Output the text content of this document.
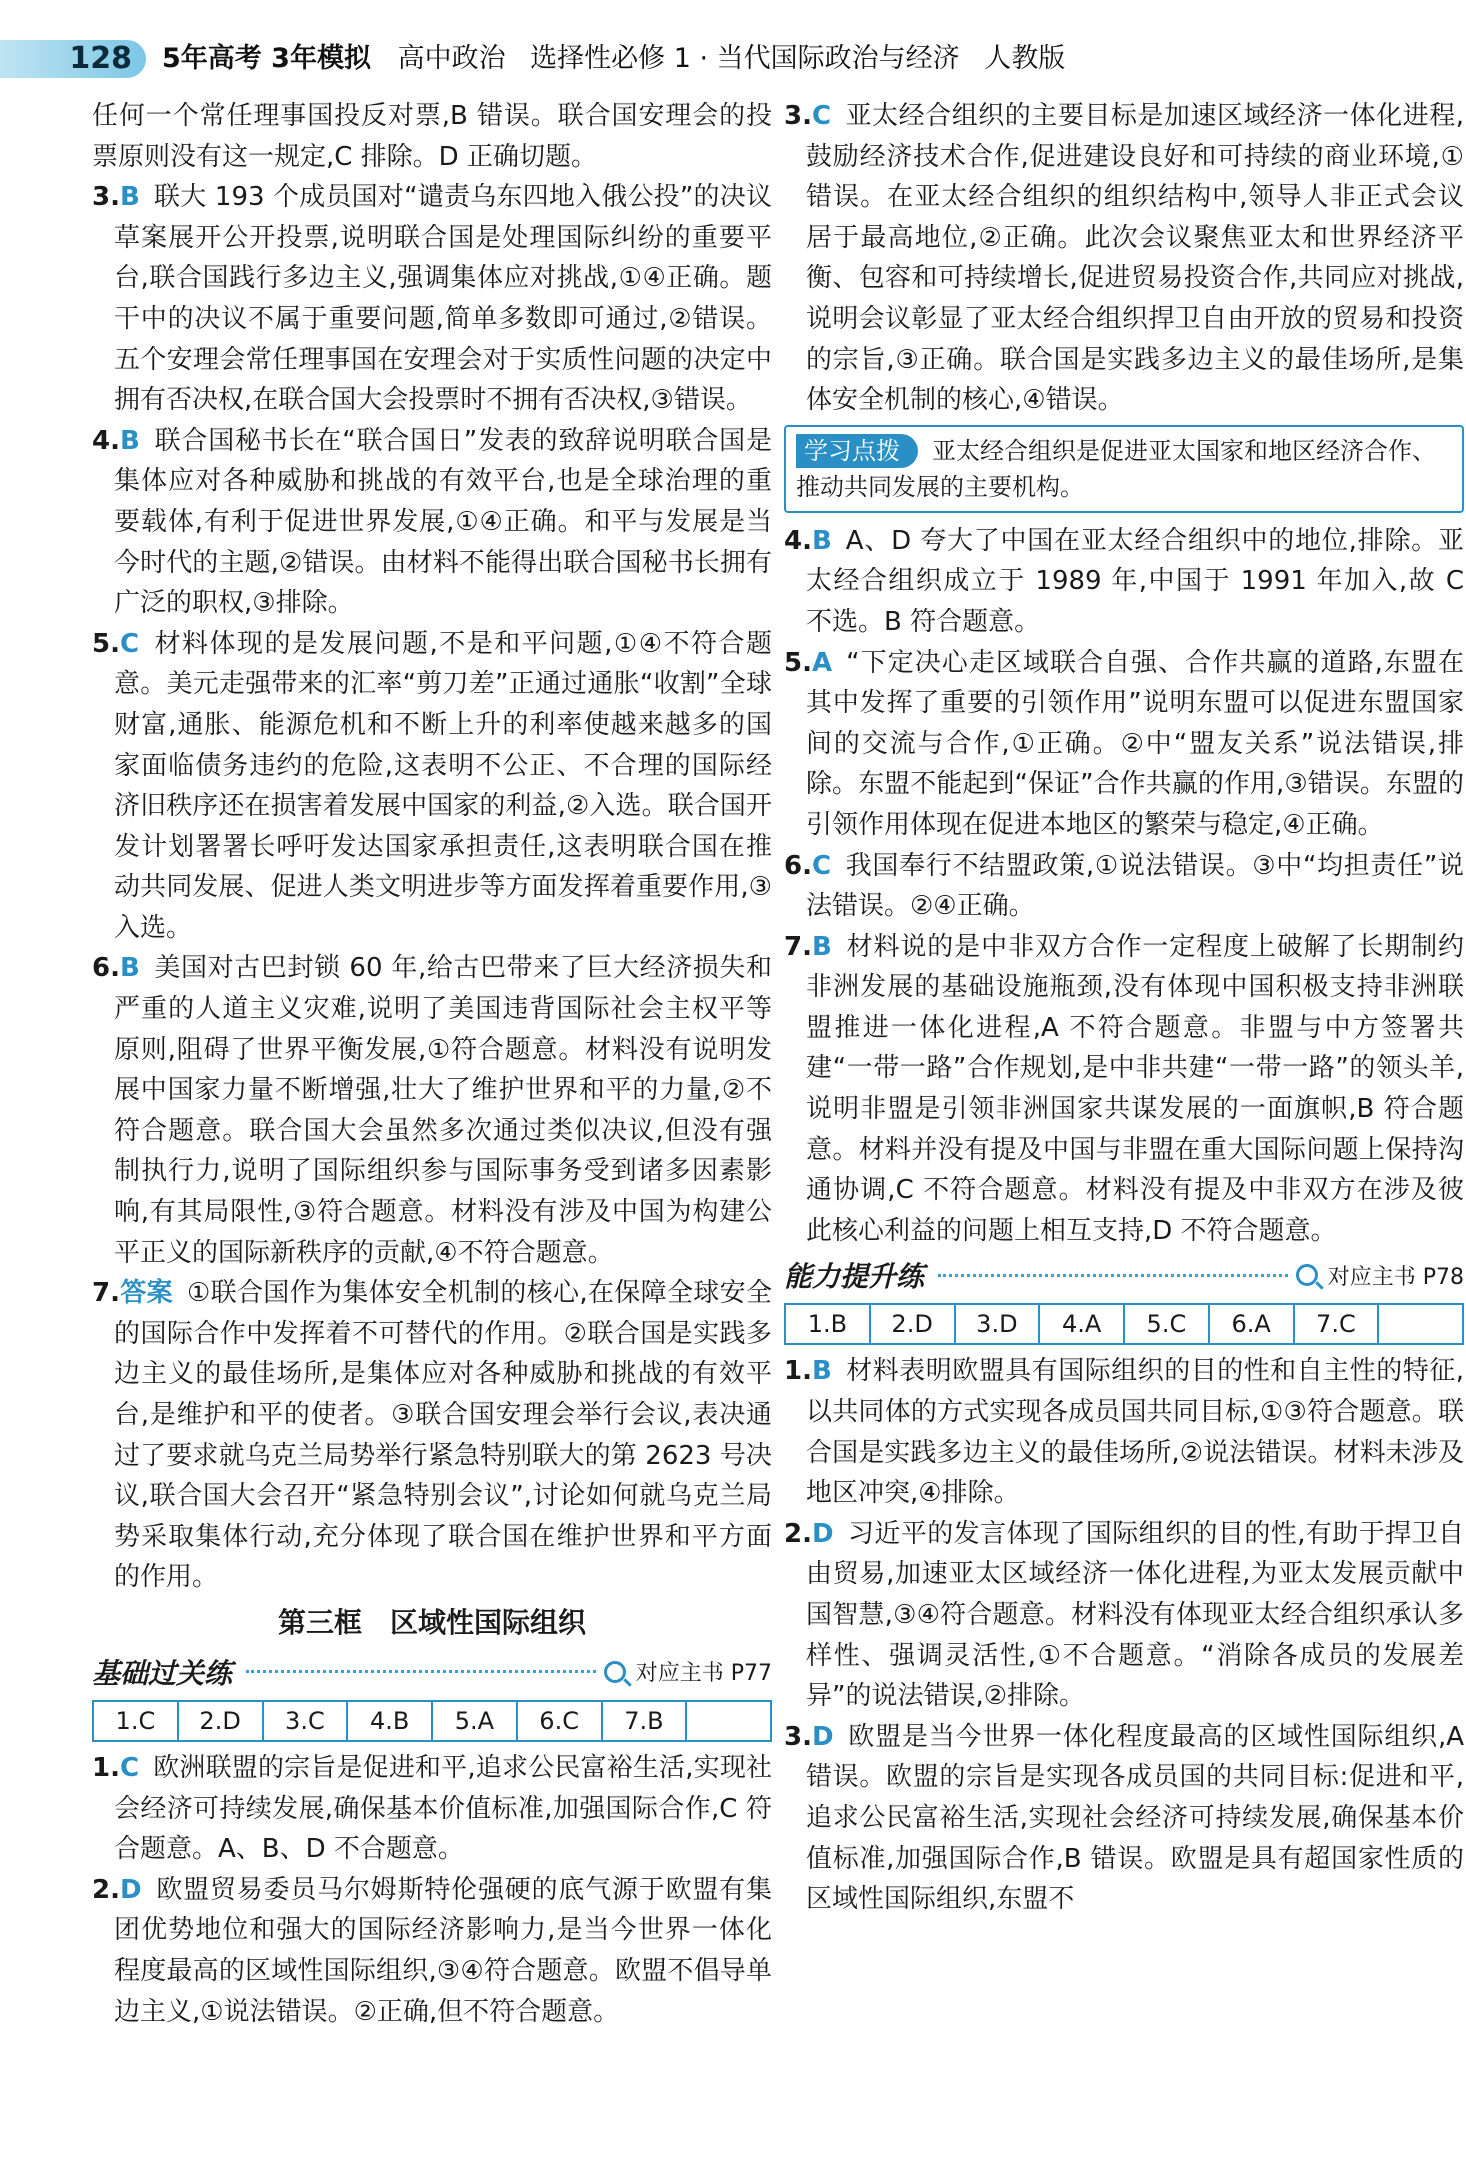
128	5年高考 3年模拟 高中政治 选择性必修 1 · 当代国际政治与经济 人教版
任何一个常任理事国投反对票,B 错误。联合国安理会的投票原则没有这一规定,C 排除。D 正确切题。
3.B 联大 193 个成员国对“谴责乌东四地入俄公投”的决议草案展开公开投票,说明联合国是处理国际纠纷的重要平台,联合国践行多边主义,强调集体应对挑战,①④正确。题干中的决议不属于重要问题,简单多数即可通过,②错误。五个安理会常任理事国在安理会对于实质性问题的决定中拥有否决权,在联合国大会投票时不拥有否决权,③错误。
4.B 联合国秘书长在“联合国日”发表的致辞说明联合国是集体应对各种威胁和挑战的有效平台,也是全球治理的重要载体,有利于促进世界发展,①④正确。和平与发展是当今时代的主题,②错误。由材料不能得出联合国秘书长拥有广泛的职权,③排除。
5.C 材料体现的是发展问题,不是和平问题,①④不符合题意。美元走强带来的汇率“剪刀差”正通过通胀“收割”全球财富,通胀、能源危机和不断上升的利率使越来越多的国家面临债务违约的危险,这表明不公正、不合理的国际经济旧秩序还在损害着发展中国家的利益,②入选。联合国开发计划署署长呼吁发达国家承担责任,这表明联合国在推动共同发展、促进人类文明进步等方面发挥着重要作用,③入选。
6.B 美国对古巴封锁 60 年,给古巴带来了巨大经济损失和严重的人道主义灾难,说明了美国违背国际社会主权平等原则,阻碍了世界平衡发展,①符合题意。材料没有说明发展中国家力量不断增强,壮大了维护世界和平的力量,②不符合题意。联合国大会虽然多次通过类似决议,但没有强制执行力,说明了国际组织参与国际事务受到诸多因素影响,有其局限性,③符合题意。材料没有涉及中国为构建公平正义的国际新秩序的贡献,④不符合题意。
7.答案 ①联合国作为集体安全机制的核心,在保障全球安全的国际合作中发挥着不可替代的作用。②联合国是实践多边主义的最佳场所,是集体应对各种威胁和挑战的有效平台,是维护和平的使者。③联合国安理会举行会议,表决通过了要求就乌克兰局势举行紧急特别联大的第 2623 号决议,联合国大会召开“紧急特别会议”,讨论如何就乌克兰局势采取集体行动,充分体现了联合国在维护世界和平方面的作用。
第三框　区域性国际组织
基础过关练	对应主书 P77
1.C	2.D	3.C	4.B	5.A	6.C	7.B
1.C 欧洲联盟的宗旨是促进和平,追求公民富裕生活,实现社会经济可持续发展,确保基本价值标准,加强国际合作,C 符合题意。A、B、D 不合题意。
2.D 欧盟贸易委员马尔姆斯特伦强硬的底气源于欧盟有集团优势地位和强大的国际经济影响力,是当今世界一体化程度最高的区域性国际组织,③④符合题意。欧盟不倡导单边主义,①说法错误。②正确,但不符合题意。
3.C 亚太经合组织的主要目标是加速区域经济一体化进程,鼓励经济技术合作,促进建设良好和可持续的商业环境,①错误。在亚太经合组织的组织结构中,领导人非正式会议居于最高地位,②正确。此次会议聚焦亚太和世界经济平衡、包容和可持续增长,促进贸易投资合作,共同应对挑战,说明会议彰显了亚太经合组织捍卫自由开放的贸易和投资的宗旨,③正确。联合国是实践多边主义的最佳场所,是集体安全机制的核心,④错误。
学习点拨 亚太经合组织是促进亚太国家和地区经济合作、推动共同发展的主要机构。
4.B A、D 夸大了中国在亚太经合组织中的地位,排除。亚太经合组织成立于 1989 年,中国于 1991 年加入,故 C 不选。B 符合题意。
5.A “下定决心走区域联合自强、合作共赢的道路,东盟在其中发挥了重要的引领作用”说明东盟可以促进东盟国家间的交流与合作,①正确。②中“盟友关系”说法错误,排除。东盟不能起到“保证”合作共赢的作用,③错误。东盟的引领作用体现在促进本地区的繁荣与稳定,④正确。
6.C 我国奉行不结盟政策,①说法错误。③中“均担责任”说法错误。②④正确。
7.B 材料说的是中非双方合作一定程度上破解了长期制约非洲发展的基础设施瓶颈,没有体现中国积极支持非洲联盟推进一体化进程,A 不符合题意。非盟与中方签署共建“一带一路”合作规划,是中非共建“一带一路”的领头羊,说明非盟是引领非洲国家共谋发展的一面旗帜,B 符合题意。材料并没有提及中国与非盟在重大国际问题上保持沟通协调,C 不符合题意。材料没有提及中非双方在涉及彼此核心利益的问题上相互支持,D 不符合题意。
能力提升练	对应主书 P78
1.B	2.D	3.D	4.A	5.C	6.A	7.C
1.B 材料表明欧盟具有国际组织的目的性和自主性的特征,以共同体的方式实现各成员国共同目标,①③符合题意。联合国是实践多边主义的最佳场所,②说法错误。材料未涉及地区冲突,④排除。
2.D 习近平的发言体现了国际组织的目的性,有助于捍卫自由贸易,加速亚太区域经济一体化进程,为亚太发展贡献中国智慧,③④符合题意。材料没有体现亚太经合组织承认多样性、强调灵活性,①不合题意。“消除各成员的发展差异”的说法错误,②排除。
3.D 欧盟是当今世界一体化程度最高的区域性国际组织,A 错误。欧盟的宗旨是实现各成员国的共同目标:促进和平,追求公民富裕生活,实现社会经济可持续发展,确保基本价值标准,加强国际合作,B 错误。欧盟是具有超国家性质的区域性国际组织,东盟不
